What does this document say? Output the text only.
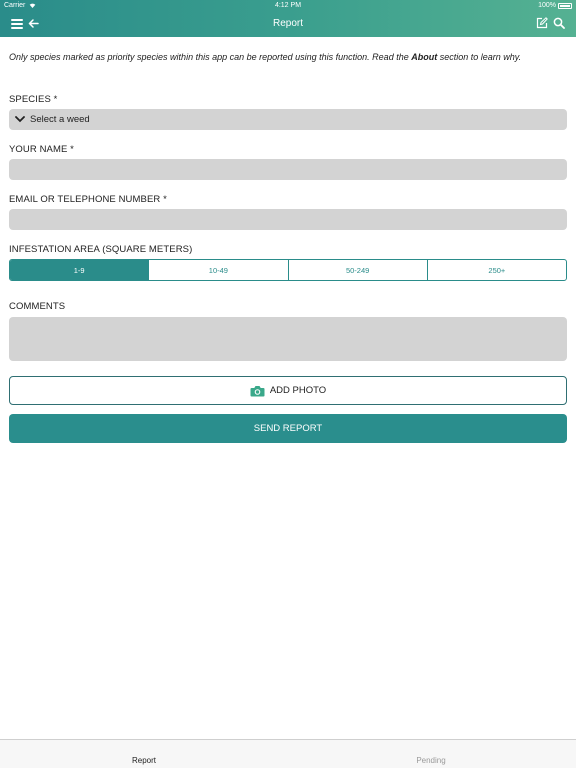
Carrier	4:12 PM	100%
Report

Only species marked as priority species within this app can be reported using this function. Read the About section to learn why.

SPECIES *
Select a weed
YOUR NAME *
EMAIL OR TELEPHONE NUMBER *
INFESTATION AREA (SQUARE METERS)
1-9	10-49	50-249	250+
COMMENTS
ADD PHOTO
SEND REPORT
Report	Pending
